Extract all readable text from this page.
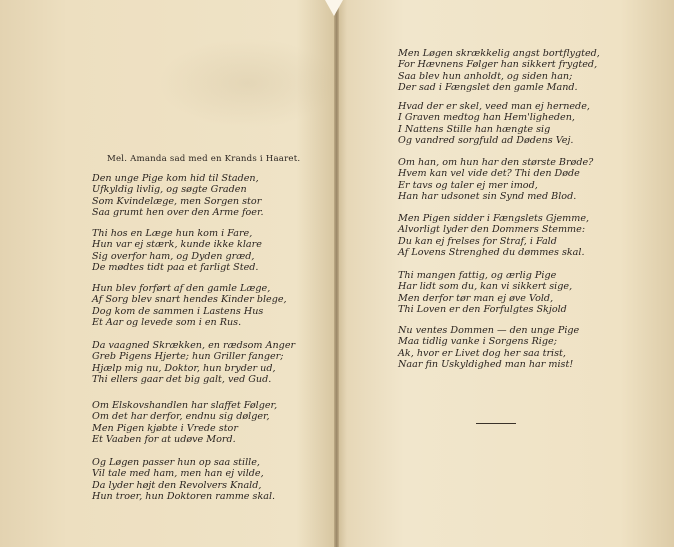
Mel. Amanda sad med en Krands i Haaret.
Den unge Pige kom hid til Staden,
Ufkyldig livlig, og søgte Graden
Som Kvindelæge, men Sorgen stor
Saa grumt hen over den Arme foer.
Thi hos en Læge hun kom i Fare,
Hun var ej stærk, kunde ikke klare
Sig overfor ham, og Dyden græd,
De mødtes tidt paa et farligt Sted.
Hun blev forført af den gamle Læge,
Af Sorg blev snart hendes Kinder blege,
Dog kom de sammen i Lastens Hus
Et Aar og levede som i en Rus.
Da vaagned Skrækken, en rædsom Anger
Greb Pigens Hjerte; hun Griller fanger;
Hjælp mig nu, Doktor, hun bryder ud,
Thi ellers gaar det big galt, ved Gud.
Om Elskovshandlen har slaffet Følger,
Om det har derfor, endnu sig dølger,
Men Pigen kjøbte i Vrede stor
Et Vaaben for at udøve Mord.
Og Løgen passer hun op saa stille,
Vil tale med ham, men han ej vilde,
Da lyder højt den Revolvers Knald,
Hun troer, hun Doktoren ramme skal.
Men Løgen skrækkelig angst bortflygted,
For Hævnens Følger han sikkert frygted,
Saa blev hun anholdt, og siden han;
Der sad i Fængslet den gamle Mand.
Hvad der er skel, veed man ej hernede,
I Graven medtog han Hem'ligheden,
I Nattens Stille han hængte sig
Og vandred sorgfuld ad Dødens Vej.
Om han, om hun har den største Brøde?
Hvem kan vel vide det? Thi den Døde
Er tavs og taler ej mer imod,
Han har udsonet sin Synd med Blod.
Men Pigen sidder i Fængslets Gjemme,
Alvorligt lyder den Dommers Stemme:
Du kan ej frelses for Straf, i Fald
Af Lovens Strenghed du dømmes skal.
Thi mangen fattig, og ærlig Pige
Har lidt som du, kan vi sikkert sige,
Men derfor tør man ej øve Vold,
Thi Loven er den Forfulgtes Skjold
Nu ventes Dommen — den unge Pige
Maa tidlig vanke i Sorgens Rige;
Ak, hvor er Livet dog her saa trist,
Naar fin Uskyldighed man har mist!
